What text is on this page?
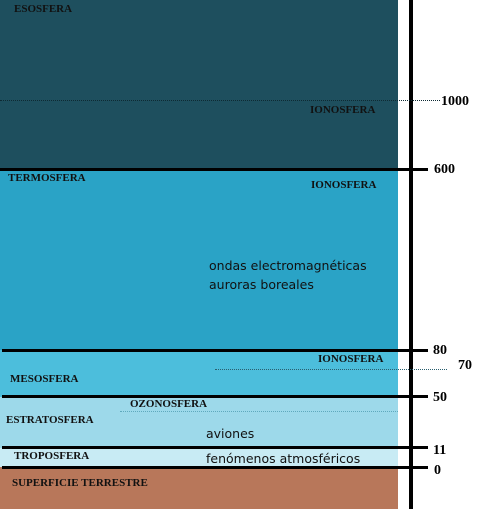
ESOSFERA
IONOSFERA
TERMOSFERA
IONOSFERA
ondas electromagnéticas
auroras boreales
IONOSFERA
MESOSFERA
OZONOSFERA
ESTRATOSFERA
aviones
TROPOSFERA	fenómenos atmosféricos
SUPERFICIE TERRESTRE
1000
600
80
70
50
11
0
